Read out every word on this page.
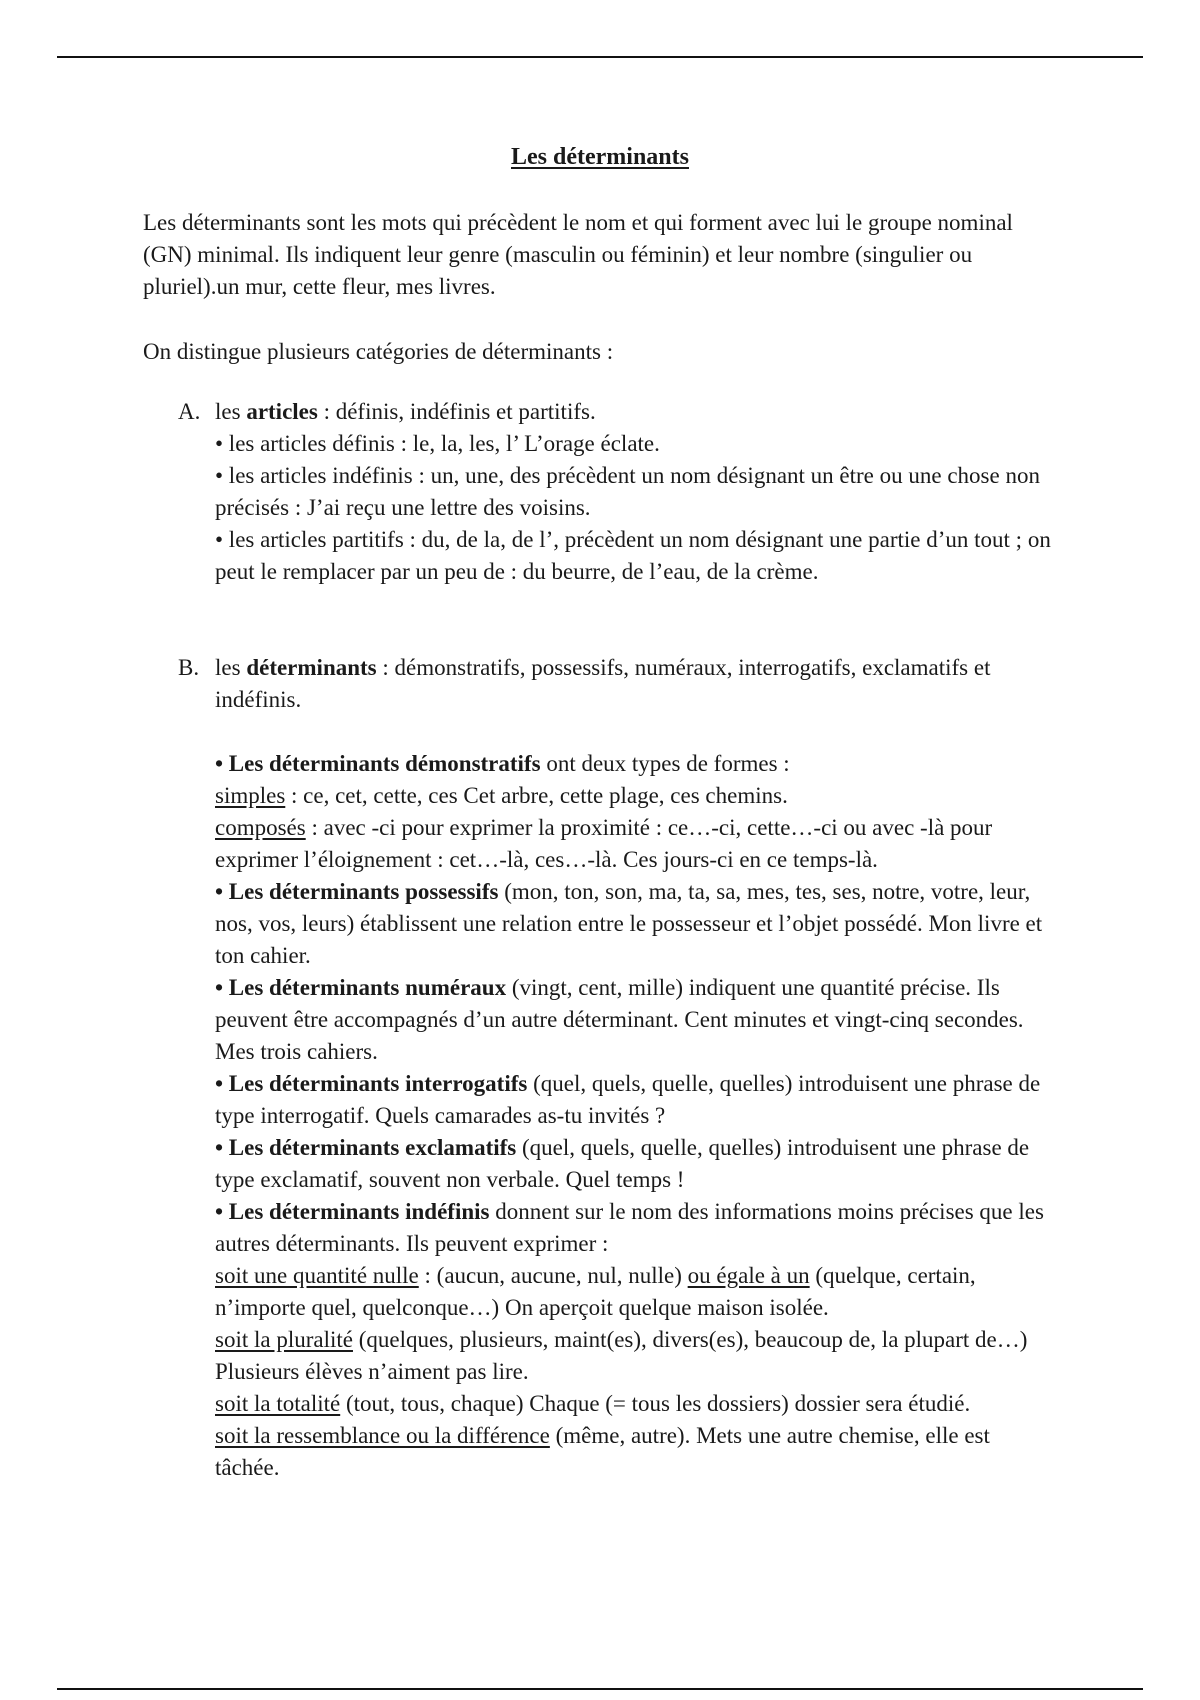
Les déterminants

Les déterminants sont les mots qui précèdent le nom et qui forment avec lui le groupe nominal (GN) minimal. Ils indiquent leur genre (masculin ou féminin) et leur nombre (singulier ou pluriel).un mur, cette fleur, mes livres.

On distingue plusieurs catégories de déterminants :

A. les articles : définis, indéfinis et partitifs.

• les articles définis : le, la, les, l’ L’orage éclate.

• les articles indéfinis : un, une, des précèdent un nom désignant un être ou une chose non précisés : J’ai reçu une lettre des voisins.

• les articles partitifs : du, de la, de l’, précèdent un nom désignant une partie d’un tout ; on peut le remplacer par un peu de : du beurre, de l’eau, de la crème.

B. les déterminants : démonstratifs, possessifs, numéraux, interrogatifs, exclamatifs et indéfinis.

• Les déterminants démonstratifs ont deux types de formes :

simples : ce, cet, cette, ces Cet arbre, cette plage, ces chemins.

composés : avec -ci pour exprimer la proximité : ce…-ci, cette…-ci ou avec -là pour exprimer l’éloignement : cet…-là, ces…-là. Ces jours-ci en ce temps-là.

• Les déterminants possessifs (mon, ton, son, ma, ta, sa, mes, tes, ses, notre, votre, leur, nos, vos, leurs) établissent une relation entre le possesseur et l’objet possédé. Mon livre et ton cahier.

• Les déterminants numéraux (vingt, cent, mille) indiquent une quantité précise. Ils peuvent être accompagnés d’un autre déterminant. Cent minutes et vingt-cinq secondes. Mes trois cahiers.

• Les déterminants interrogatifs (quel, quels, quelle, quelles) introduisent une phrase de type interrogatif. Quels camarades as-tu invités ?

• Les déterminants exclamatifs (quel, quels, quelle, quelles) introduisent une phrase de type exclamatif, souvent non verbale. Quel temps !

• Les déterminants indéfinis donnent sur le nom des informations moins précises que les autres déterminants. Ils peuvent exprimer :

soit une quantité nulle : (aucun, aucune, nul, nulle) ou égale à un (quelque, certain, n’importe quel, quelconque…) On aperçoit quelque maison isolée.

soit la pluralité (quelques, plusieurs, maint(es), divers(es), beaucoup de, la plupart de…) Plusieurs élèves n’aiment pas lire.

soit la totalité (tout, tous, chaque) Chaque (= tous les dossiers) dossier sera étudié.

soit la ressemblance ou la différence (même, autre). Mets une autre chemise, elle est tâchée.
